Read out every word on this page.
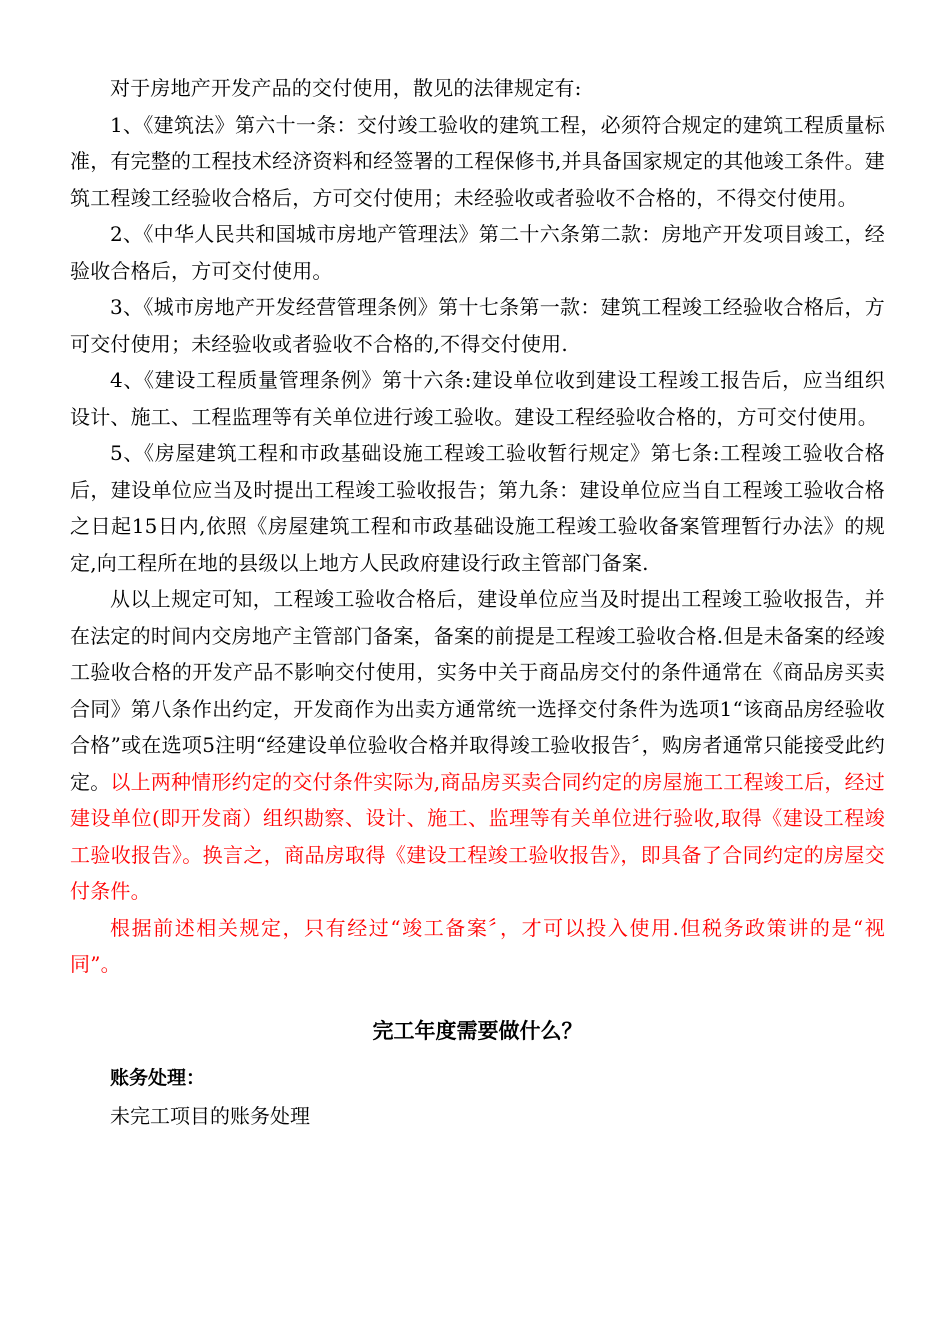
对于房地产开发产品的交付使用，散见的法律规定有:

1、《建筑法》第六十一条：交付竣工验收的建筑工程，必须符合规定的建筑工程质量标准，有完整的工程技术经济资料和经签署的工程保修书,并具备国家规定的其他竣工条件。建筑工程竣工经验收合格后，方可交付使用；未经验收或者验收不合格的，不得交付使用。

2、《中华人民共和国城市房地产管理法》第二十六条第二款：房地产开发项目竣工，经验收合格后，方可交付使用。

3、《城市房地产开发经营管理条例》第十七条第一款：建筑工程竣工经验收合格后，方可交付使用；未经验收或者验收不合格的,不得交付使用.

4、《建设工程质量管理条例》第十六条:建设单位收到建设工程竣工报告后，应当组织设计、施工、工程监理等有关单位进行竣工验收。建设工程经验收合格的，方可交付使用。

5、《房屋建筑工程和市政基础设施工程竣工验收暂行规定》第七条:工程竣工验收合格后，建设单位应当及时提出工程竣工验收报告；第九条：建设单位应当自工程竣工验收合格之日起15日内,依照《房屋建筑工程和市政基础设施工程竣工验收备案管理暂行办法》的规定,向工程所在地的县级以上地方人民政府建设行政主管部门备案.

从以上规定可知，工程竣工验收合格后，建设单位应当及时提出工程竣工验收报告，并在法定的时间内交房地产主管部门备案，备案的前提是工程竣工验收合格.但是未备案的经竣工验收合格的开发产品不影响交付使用，实务中关于商品房交付的条件通常在《商品房买卖合同》第八条作出约定，开发商作为出卖方通常统一选择交付条件为选项1“该商品房经验收合格”或在选项5注明“经建设单位验收合格并取得竣工验收报告〞，购房者通常只能接受此约定。以上两种情形约定的交付条件实际为,商品房买卖合同约定的房屋施工工程竣工后，经过建设单位(即开发商）组织勘察、设计、施工、监理等有关单位进行验收,取得《建设工程竣工验收报告》。换言之，商品房取得《建设工程竣工验收报告》，即具备了合同约定的房屋交付条件。

根据前述相关规定，只有经过“竣工备案〞，才可以投入使用.但税务政策讲的是“视同”。

完工年度需要做什么？

账务处理：

未完工项目的账务处理
